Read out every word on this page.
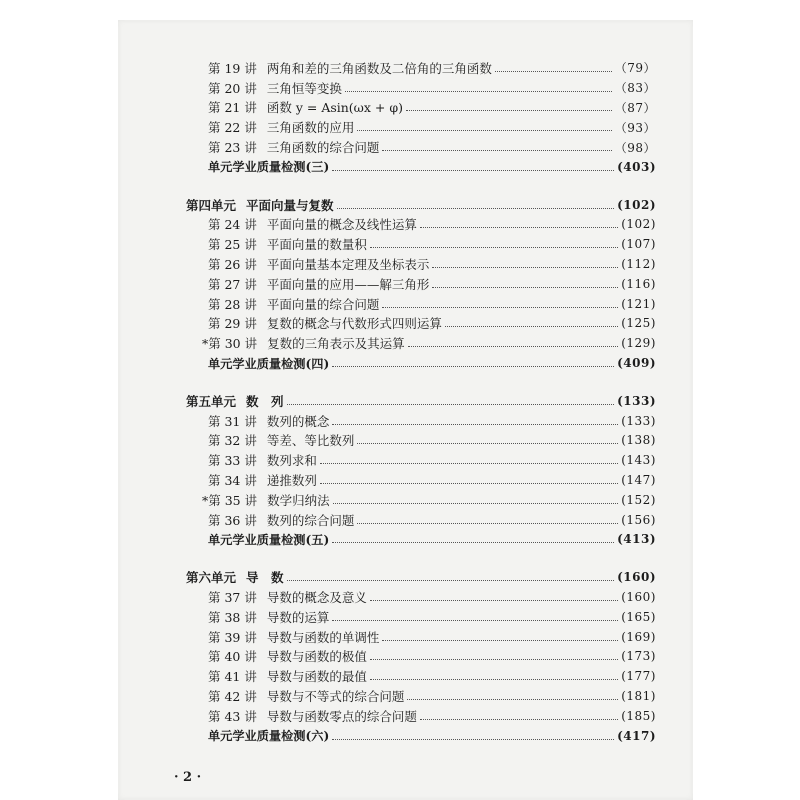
第 19 讲 两角和差的三角函数及二倍角的三角函数	（79）
第 20 讲 三角恒等变换	（83）
第 21 讲 函数 y = Asin(ωx + φ)	（87）
第 22 讲 三角函数的应用	（93）
第 23 讲 三角函数的综合问题	（98）
单元学业质量检测(三)	(403)
第四单元 平面向量与复数	(102)
第 24 讲 平面向量的概念及线性运算	(102)
第 25 讲 平面向量的数量积	(107)
第 26 讲 平面向量基本定理及坐标表示	(112)
第 27 讲 平面向量的应用——解三角形	(116)
第 28 讲 平面向量的综合问题	(121)
第 29 讲 复数的概念与代数形式四则运算	(125)
*第 30 讲 复数的三角表示及其运算	(129)
单元学业质量检测(四)	(409)
第五单元 数　列	(133)
第 31 讲 数列的概念	(133)
第 32 讲 等差、等比数列	(138)
第 33 讲 数列求和	(143)
第 34 讲 递推数列	(147)
*第 35 讲 数学归纳法	(152)
第 36 讲 数列的综合问题	(156)
单元学业质量检测(五)	(413)
第六单元 导　数	(160)
第 37 讲 导数的概念及意义	(160)
第 38 讲 导数的运算	(165)
第 39 讲 导数与函数的单调性	(169)
第 40 讲 导数与函数的极值	(173)
第 41 讲 导数与函数的最值	(177)
第 42 讲 导数与不等式的综合问题	(181)
第 43 讲 导数与函数零点的综合问题	(185)
单元学业质量检测(六)	(417)
· 2 ·
